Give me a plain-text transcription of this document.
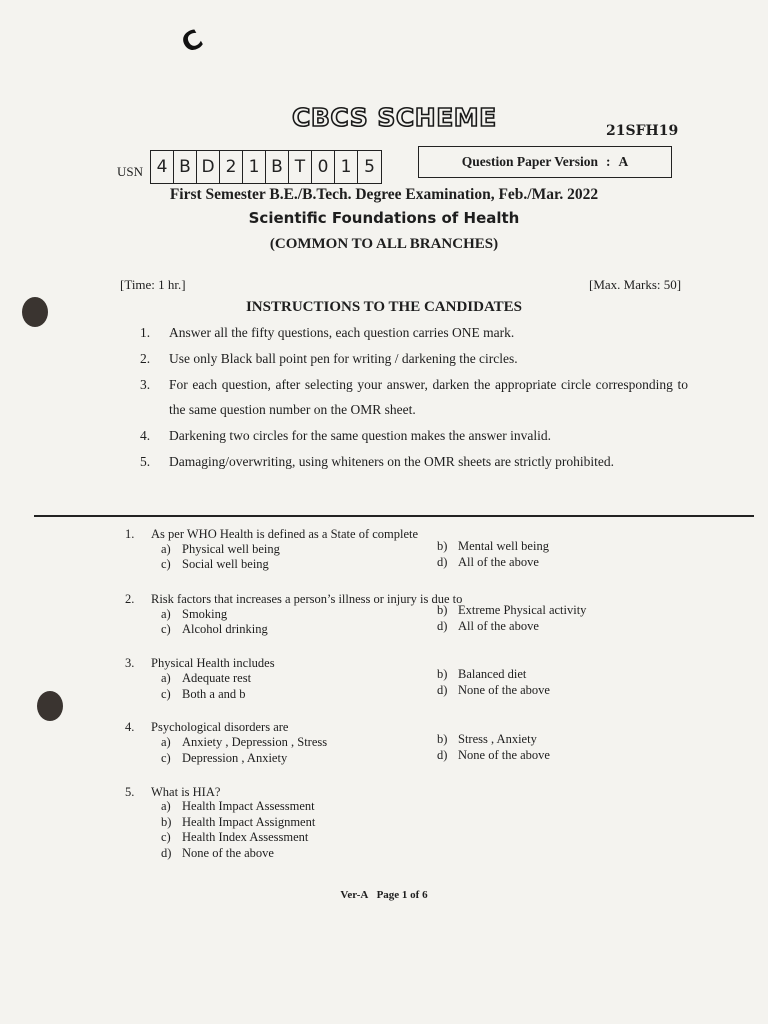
C
CBCS SCHEME	21SFH19
USN 4 B D 2 1 B T 0 1 5	Question Paper Version : A
First Semester B.E./B.Tech. Degree Examination, Feb./Mar. 2022
Scientific Foundations of Health
(COMMON TO ALL BRANCHES)
[Time: 1 hr.]	[Max. Marks: 50]
INSTRUCTIONS TO THE CANDIDATES
1.	Answer all the fifty questions, each question carries ONE mark.
2.	Use only Black ball point pen for writing / darkening the circles.
3.	For each question, after selecting your answer, darken the appropriate circle corresponding to the same question number on the OMR sheet.
4.	Darkening two circles for the same question makes the answer invalid.
5.	Damaging/overwriting, using whiteners on the OMR sheets are strictly prohibited.
1. As per WHO Health is defined as a State of complete
a) Physical well being	b) Mental well being
c) Social well being	d) All of the above
2. Risk factors that increases a person’s illness or injury is due to
a) Smoking	b) Extreme Physical activity
c) Alcohol drinking	d) All of the above
3. Physical Health includes
a) Adequate rest	b) Balanced diet
c) Both a and b	d) None of the above
4. Psychological disorders are
a) Anxiety , Depression , Stress	b) Stress , Anxiety
c) Depression , Anxiety	d) None of the above
5. What is HIA?
a) Health Impact Assessment
b) Health Impact Assignment
c) Health Index Assessment
d) None of the above
Ver-A Page 1 of 6
